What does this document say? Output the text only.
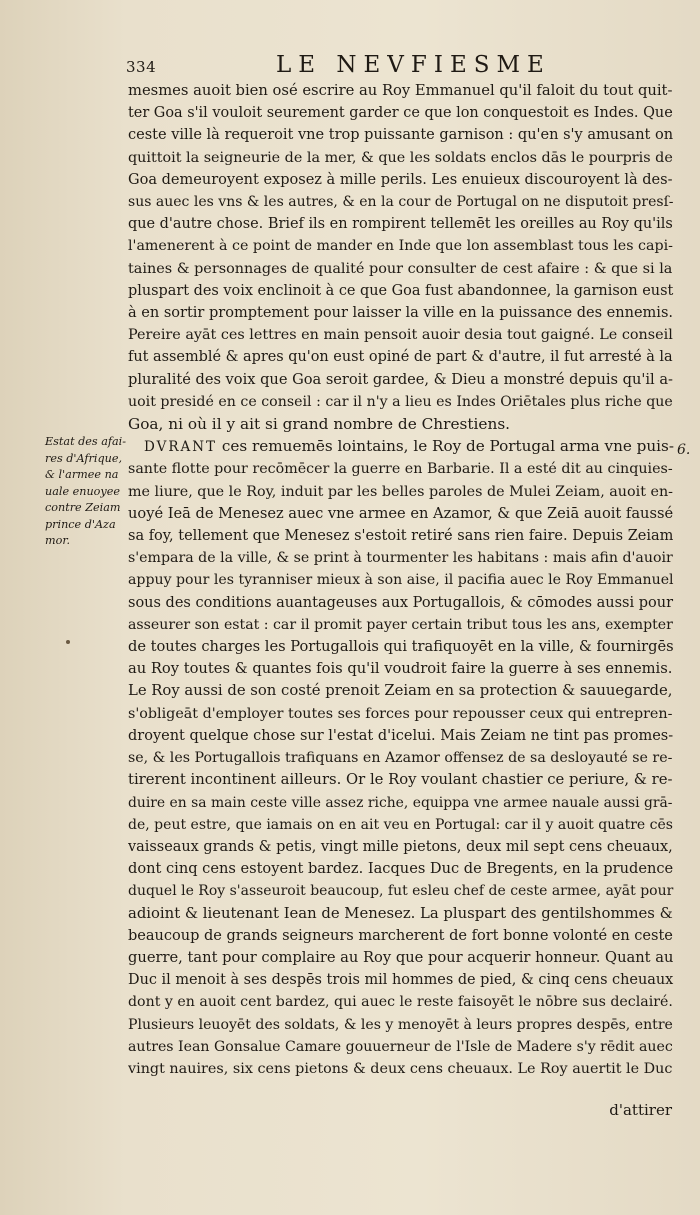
334	LE NEVFIESME
Estat des afai-
res d'Afrique,
& l'armee na
uale enuoyee
contre Zeiam
prince d'Aza
mor.
6.
mesmes auoit bien osé escrire au Roy Emmanuel qu'il faloit du tout quit-
ter Goa s'il vouloit seurement garder ce que lon conquestoit es Indes. Que
ceste ville là requeroit vne trop puissante garnison : qu'en s'y amusant on
quittoit la seigneurie de la mer, & que les soldats enclos dās le pourpris de
Goa demeuroyent exposez à mille perils. Les enuieux discouroyent là des-
sus auec les vns & les autres, & en la cour de Portugal on ne disputoit presſ-
que d'autre chose. Brief ils en rompirent tellemēt les oreilles au Roy qu'ils
l'amenerent à ce point de mander en Inde que lon assemblast tous les capi-
taines & personnages de qualité pour consulter de cest afaire : & que si la
pluspart des voix enclinoit à ce que Goa fust abandonnee, la garnison eust
à en sortir promptement pour laisser la ville en la puissance des ennemis.
Pereire ayāt ces lettres en main pensoit auoir desia tout gaigné. Le conseil
fut assemblé & apres qu'on eust opiné de part & d'autre, il fut arresté à la
pluralité des voix que Goa seroit gardee, & Dieu a monstré depuis qu'il a-
uoit presidé en ce conseil : car il n'y a lieu es Indes Oriētales plus riche que
Goa, ni où il y ait si grand nombre de Chrestiens.
DVRANT ces remuemēs lointains, le Roy de Portugal arma vne puis-
sante flotte pour recōmēcer la guerre en Barbarie. Il a esté dit au cinquies-
me liure, que le Roy, induit par les belles paroles de Mulei Zeiam, auoit en-
uoyé Ieā de Menesez auec vne armee en Azamor, & que Zeiā auoit faussé
sa foy, tellement que Menesez s'estoit retiré sans rien faire. Depuis Zeiam
s'empara de la ville, & se print à tourmenter les habitans : mais afin d'auoir
appuy pour les tyranniser mieux à son aise, il pacifia auec le Roy Emmanuel
sous des conditions auantageuses aux Portugallois, & cōmodes aussi pour
asseurer son estat : car il promit payer certain tribut tous les ans, exempter
de toutes charges les Portugallois qui trafiquoyēt en la ville, & fournirgēs
au Roy toutes & quantes fois qu'il voudroit faire la guerre à ses ennemis.
Le Roy aussi de son costé prenoit Zeiam en sa protection & sauuegarde,
s'obligeāt d'employer toutes ses forces pour repousser ceux qui entrepren-
droyent quelque chose sur l'estat d'icelui. Mais Zeiam ne tint pas promes-
se, & les Portugallois trafiquans en Azamor offensez de sa desloyauté se re-
tirerent incontinent ailleurs. Or le Roy voulant chastier ce periure, & re-
duire en sa main ceste ville assez riche, equippa vne armee nauale aussi grā-
de, peut estre, que iamais on en ait veu en Portugal: car il y auoit quatre cēs
vaisseaux grands & petis, vingt mille pietons, deux mil sept cens cheuaux,
dont cinq cens estoyent bardez. Iacques Duc de Bregents, en la prudence
duquel le Roy s'asseuroit beaucoup, fut esleu chef de ceste armee, ayāt pour
adioint & lieutenant Iean de Menesez. La pluspart des gentilshommes &
beaucoup de grands seigneurs marcherent de fort bonne volonté en ceste
guerre, tant pour complaire au Roy que pour acquerir honneur. Quant au
Duc il menoit à ses despēs trois mil hommes de pied, & cinq cens cheuaux
dont y en auoit cent bardez, qui auec le reste faisoyēt le nōbre sus declairé.
Plusieurs leuoyēt des soldats, & les y menoyēt à leurs propres despēs, entre
autres Iean Gonsalue Camare gouuerneur de l'Isle de Madere s'y rēdit auec
vingt nauires, six cens pietons & deux cens cheuaux. Le Roy auertit le Duc
d'attirer
